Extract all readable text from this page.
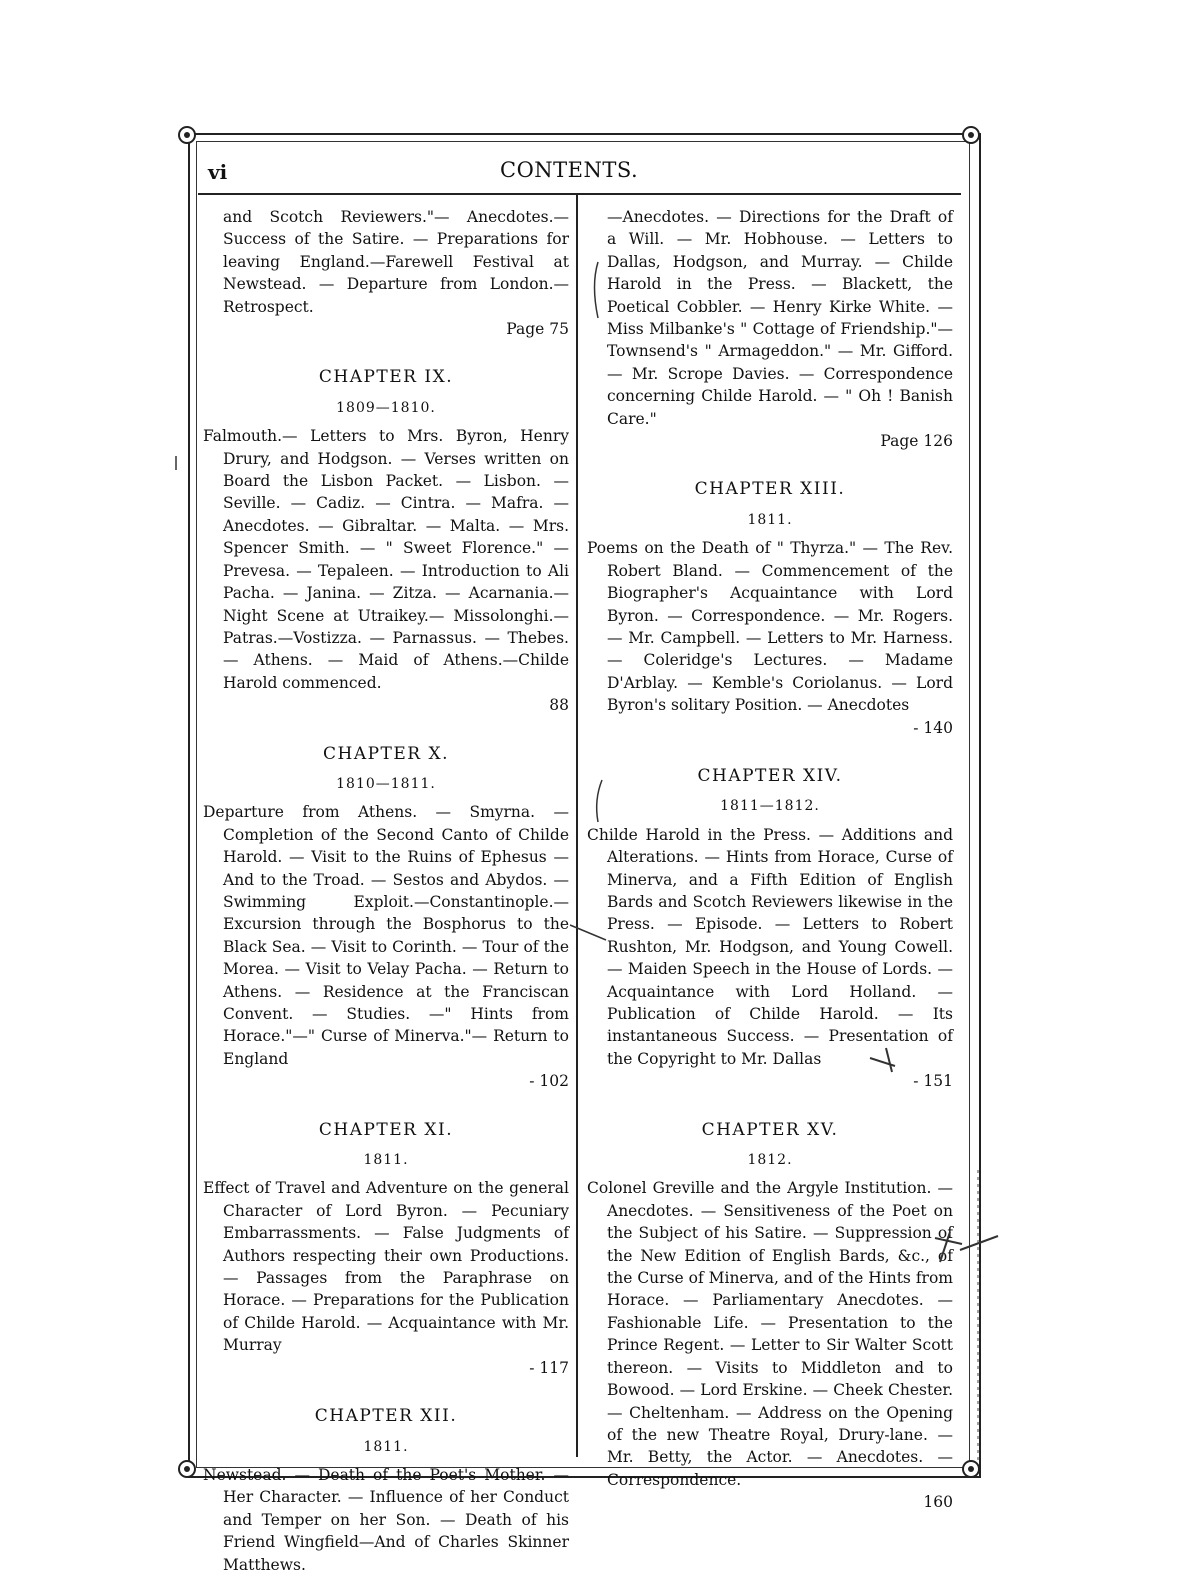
vi	CONTENTS.
and Scotch Reviewers."— Anecdotes.— Success of the Satire. — Preparations for leaving England.—Farewell Festival at Newstead. — Departure from London.— Retrospect.
Page 75
CHAPTER IX.
1809—1810.
Falmouth.— Letters to Mrs. Byron, Henry Drury, and Hodgson. — Verses written on Board the Lisbon Packet. — Lisbon. — Seville. — Cadiz. — Cintra. — Mafra. — Anecdotes. — Gibraltar. — Malta. — Mrs. Spencer Smith. — " Sweet Florence." — Prevesa. — Tepaleen. — Introduction to Ali Pacha. — Janina. — Zitza. — Acarnania.—Night Scene at Utraikey.— Missolonghi.— Patras.—Vostizza. — Parnassus. — Thebes. — Athens. — Maid of Athens.—Childe Harold commenced.
88
CHAPTER X.
1810—1811.
Departure from Athens. — Smyrna. — Completion of the Second Canto of Childe Harold. — Visit to the Ruins of Ephesus — And to the Troad. — Sestos and Abydos. — Swimming Exploit.—Constantinople.— Excursion through the Bosphorus to the Black Sea. — Visit to Corinth. — Tour of the Morea. — Visit to Velay Pacha. — Return to Athens. — Residence at the Franciscan Convent. — Studies. —" Hints from Horace."—" Curse of Minerva."— Return to England
- 102
CHAPTER XI.
1811.
Effect of Travel and Adventure on the general Character of Lord Byron. — Pecuniary Embarrassments. — False Judgments of Authors respecting their own Productions. — Passages from the Paraphrase on Horace. — Preparations for the Publication of Childe Harold. — Acquaintance with Mr. Murray
- 117
CHAPTER XII.
1811.
Newstead. — Death of the Poet's Mother. — Her Character. — Influence of her Conduct and Temper on her Son. — Death of his Friend Wingfield—And of Charles Skinner Matthews.
—Anecdotes. — Directions for the Draft of a Will. — Mr. Hobhouse. — Letters to Dallas, Hodgson, and Murray. — Childe Harold in the Press. — Blackett, the Poetical Cobbler. — Henry Kirke White. — Miss Milbanke's " Cottage of Friendship."—Townsend's " Armageddon." — Mr. Gifford. — Mr. Scrope Davies. — Correspondence concerning Childe Harold. — " Oh ! Banish Care."
Page 126
CHAPTER XIII.
1811.
Poems on the Death of " Thyrza." — The Rev. Robert Bland. — Commencement of the Biographer's Acquaintance with Lord Byron. — Correspondence. — Mr. Rogers. — Mr. Campbell. — Letters to Mr. Harness. — Coleridge's Lectures. — Madame D'Arblay. — Kemble's Coriolanus. — Lord Byron's solitary Position. — Anecdotes
- 140
CHAPTER XIV.
1811—1812.
Childe Harold in the Press. — Additions and Alterations. — Hints from Horace, Curse of Minerva, and a Fifth Edition of English Bards and Scotch Reviewers likewise in the Press. — Episode. — Letters to Robert Rushton, Mr. Hodgson, and Young Cowell. — Maiden Speech in the House of Lords. — Acquaintance with Lord Holland. — Publication of Childe Harold. — Its instantaneous Success. — Presentation of the Copyright to Mr. Dallas
- 151
CHAPTER XV.
1812.
Colonel Greville and the Argyle Institution. — Anecdotes. — Sensitiveness of the Poet on the Subject of his Satire. — Suppression of the New Edition of English Bards, &c., of the Curse of Minerva, and of the Hints from Horace. — Parliamentary Anecdotes. — Fashionable Life. — Presentation to the Prince Regent. — Letter to Sir Walter Scott thereon. — Visits to Middleton and to Bowood. — Lord Erskine. — Cheek Chester. — Cheltenham. — Address on the Opening of the new Theatre Royal, Drury-lane. — Mr. Betty, the Actor. — Anecdotes. — Correspondence.
160
